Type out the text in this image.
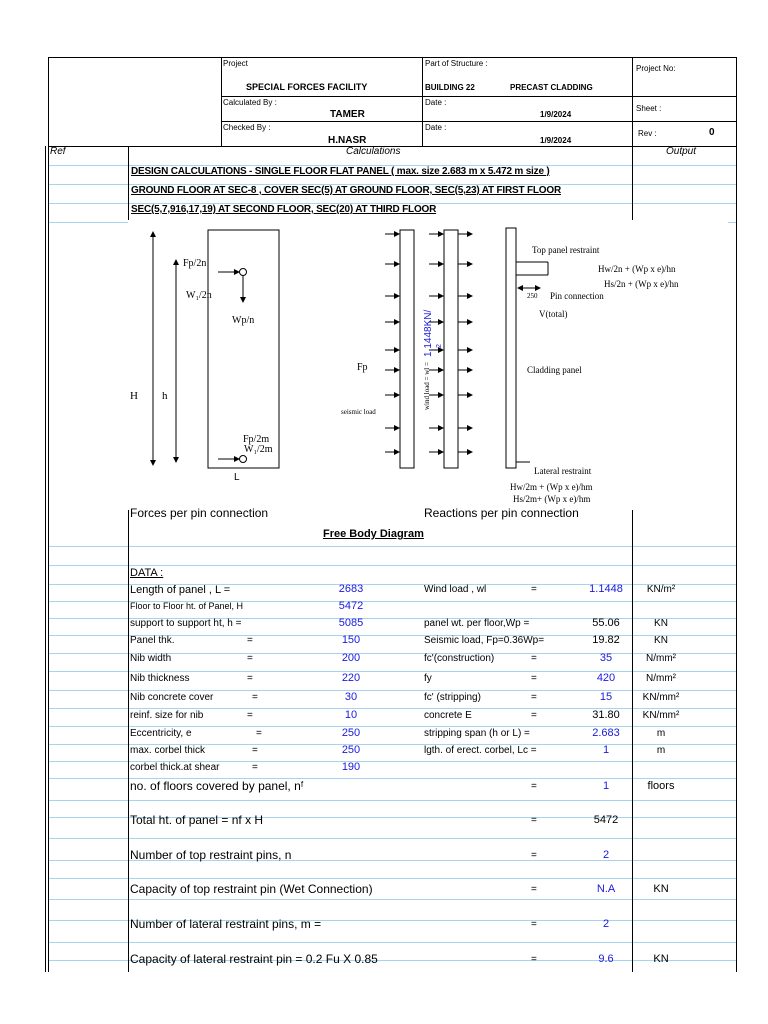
Project
SPECIAL FORCES FACILITY
Part of Structure :
BUILDING 22	PRECAST CLADDING
Project No:
Calculated By :
TAMER
Date :
1/9/2024
Sheet :
Checked By :
H.NASR
Date :
1/9/2024
Rev :	0
Ref	Calculations	Output
DESIGN CALCULATIONS - SINGLE FLOOR FLAT PANEL ( max. size 2.683 m x 5.472 m size )
GROUND FLOOR AT SEC-8 , COVER SEC(5) AT GROUND FLOOR, SEC(5,23) AT FIRST FLOOR
SEC(5,7,916,17,19) AT SECOND FLOOR, SEC(20) AT THIRD FLOOR
Fp/2n
W₁/2n
Wp/n
H h
Fp/2m
W₁/2m
L
Fp
seismic load
wind load = wl =
1.1448KN/ 2
Top panel restraint
Hw/2n + (Wp x e)/hn
Hs/2n + (Wp x e)/hn
250 Pin connection
V(total)
Cladding panel
Lateral restraint
Hw/2m + (Wp x e)/hm
Hs/2m+ (Wp x e)/hm
Forces per pin connection	Reactions per pin connection
Free Body Diagram
DATA :
Length of panel , L =	2683
Floor to Floor ht. of Panel, H	5472
support to support ht, h =	5085
Panel thk.	=	150
Nib width	=	200
Nib thickness	=	220
Nib concrete cover	=	30
reinf. size for nib	=	10
Eccentricity, e	=	250
max. corbel thick	=	250
corbel thick.at shear	=	190
Wind load , wl	=	1.1448	KN/m²
panel wt. per floor,Wp =	55.06	KN
Seismic load, Fp=0.36Wp=	19.82	KN
fc'(construction)	=	35	N/mm²
fy	=	420	N/mm²
fc' (stripping)	=	15	KN/mm²
concrete E	=	31.80	KN/mm²
stripping span (h or L) =	2.683	m
lgth. of erect. corbel, Lc =	1	m
no. of floors covered by panel, nᶠ	=	1	floors
Total ht. of panel = nf x H	=	5472
Number of top restraint pins, n	=	2
Capacity of top restraint pin (Wet Connection)	=	N.A	KN
Number of lateral restraint pins, m =	=	2
Capacity of lateral restraint pin = 0.2 Fu X 0.85	=	9.6	KN
